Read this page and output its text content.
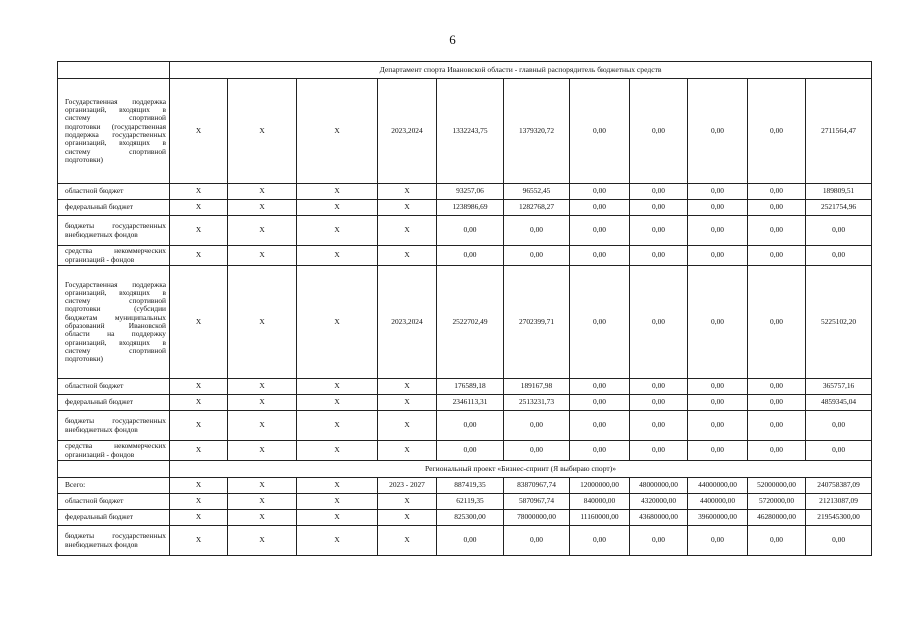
6
	Департамент спорта Ивановской области - главный распорядитель бюджетных средств										
Государственная поддержка организаций, входящих в систему спортивной подготовки (государственная поддержка государственных организаций, входящих в систему спортивной подготовки)	Х	Х	Х	2023,2024	1332243,75	1379320,72	0,00	0,00	0,00	0,00	2711564,47
областной бюджет	Х	Х	Х	Х	93257,06	96552,45	0,00	0,00	0,00	0,00	189809,51
федеральный бюджет	Х	Х	Х	Х	1238986,69	1282768,27	0,00	0,00	0,00	0,00	2521754,96
бюджеты государственных внебюджетных фондов	Х	Х	Х	Х	0,00	0,00	0,00	0,00	0,00	0,00	0,00
средства некоммерческих организаций - фондов	Х	Х	Х	Х	0,00	0,00	0,00	0,00	0,00	0,00	0,00
Государственная поддержка организаций, входящих в систему спортивной подготовки (субсидии бюджетам муниципальных образований Ивановской области на поддержку организаций, входящих в систему спортивной подготовки)	Х	Х	Х	2023,2024	2522702,49	2702399,71	0,00	0,00	0,00	0,00	5225102,20
областной бюджет	Х	Х	Х	Х	176589,18	189167,98	0,00	0,00	0,00	0,00	365757,16
федеральный бюджет	Х	Х	Х	Х	2346113,31	2513231,73	0,00	0,00	0,00	0,00	4859345,04
бюджеты государственных внебюджетных фондов	Х	Х	Х	Х	0,00	0,00	0,00	0,00	0,00	0,00	0,00
средства некоммерческих организаций - фондов	Х	Х	Х	Х	0,00	0,00	0,00	0,00	0,00	0,00	0,00
	Региональный проект «Бизнес-спринт (Я выбираю спорт)»										
Всего:	Х	Х	Х	2023 - 2027	887419,35	83870967,74	12000000,00	48000000,00	44000000,00	52000000,00	240758387,09
областной бюджет	Х	Х	Х	Х	62119,35	5870967,74	840000,00	4320000,00	4400000,00	5720000,00	21213087,09
федеральный бюджет	Х	Х	Х	Х	825300,00	78000000,00	11160000,00	43680000,00	39600000,00	46280000,00	219545300,00
бюджеты государственных внебюджетных фондов	Х	Х	Х	Х	0,00	0,00	0,00	0,00	0,00	0,00	0,00
